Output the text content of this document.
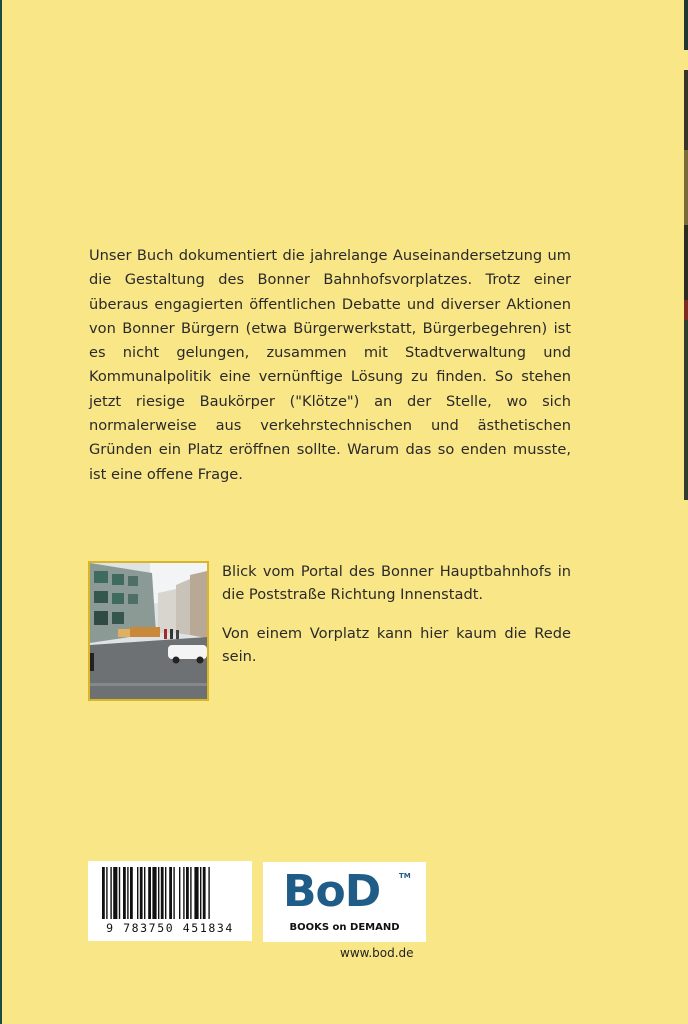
Unser Buch dokumentiert die jahrelange Auseinandersetzung um die Gestaltung des Bonner Bahnhofsvorplatzes. Trotz einer überaus engagierten öffentlichen Debatte und diverser Aktionen von Bonner Bürgern (etwa Bürgerwerkstatt, Bürgerbegehren) ist es nicht gelungen, zusammen mit Stadtverwaltung und Kommunalpolitik eine vernünftige Lösung zu finden. So stehen jetzt riesige Baukörper ("Klötze") an der Stelle, wo sich normalerweise aus verkehrstechnischen und ästhetischen Gründen ein Platz eröffnen sollte. Warum das so enden musste, ist eine offene Frage.

Blick vom Portal des Bonner Hauptbahnhofs in die Poststraße Richtung Innenstadt.

Von einem Vorplatz kann hier kaum die Rede sein.

9 783750 451834
BoD	TM
BOOKS on DEMAND
www.bod.de
